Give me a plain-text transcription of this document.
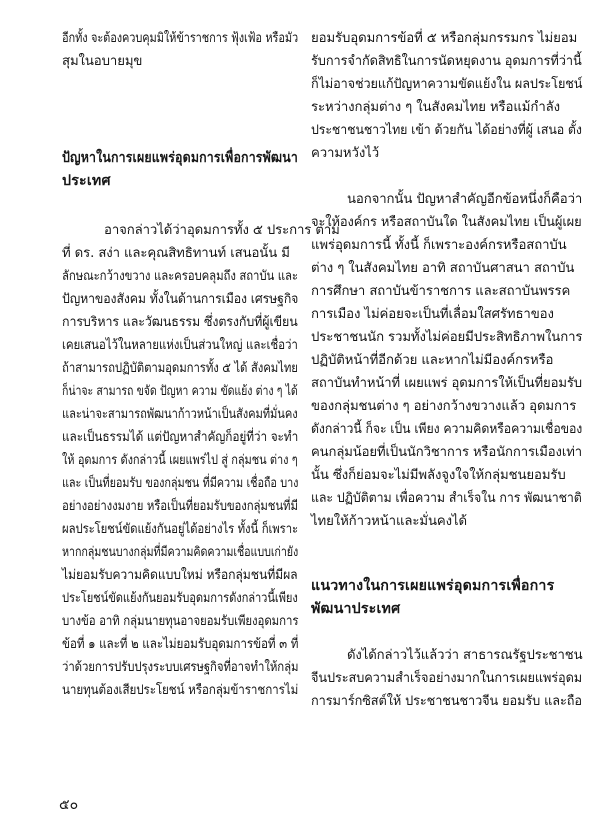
อีกทั้ง จะต้องควบคุมมิให้ข้าราชการ ฟุ้งเฟ้อ หรือมัว
สุมในอบายมุข
ปัญหาในการเผยแพร่อุดมการเพื่อการพัฒนา
ประเทศ
อาจกล่าวได้ว่าอุดมการทั้ง ๕ ประการ ตาม
ที่ ดร. สง่า และคุณสิทธิทานท์ เสนอนั้น มี
ลักษณะกว้างขวาง และครอบคลุมถึง สถาบัน และ
ปัญหาของสังคม ทั้งในด้านการเมือง เศรษฐกิจ
การบริหาร และวัฒนธรรม ซึ่งตรงกับที่ผู้เขียน
เคยเสนอไว้ในหลายแห่งเป็นส่วนใหญ่ และเชื่อว่า
ถ้าสามารถปฏิบัติตามอุดมการทั้ง ๕ ได้ สังคมไทย
ก็น่าจะ สามารถ ขจัด ปัญหา ความ ขัดแย้ง ต่าง ๆ ได้
และน่าจะสามารถพัฒนาก้าวหน้าเป็นสังคมที่มั่นคง
และเป็นธรรมได้ แต่ปัญหาสำคัญก็อยู่ที่ว่า จะทำ
ให้ อุดมการ ดังกล่าวนี้ เผยแพร่ไป สู่ กลุ่มชน ต่าง ๆ
และ เป็นที่ยอมรับ ของกลุ่มชน ที่มีความ เชื่อถือ บาง
อย่างอย่างงมงาย หรือเป็นที่ยอมรับของกลุ่มชนที่มี
ผลประโยชน์ขัดแย้งกันอยู่ได้อย่างไร ทั้งนี้ ก็เพราะ
หากกลุ่มชนบางกลุ่มที่มีความคิดความเชื่อแบบเก่ายัง
ไม่ยอมรับความคิดแบบใหม่ หรือกลุ่มชนที่มีผล
ประโยชน์ขัดแย้งกันยอมรับอุดมการดังกล่าวนี้เพียง
บางข้อ อาทิ กลุ่มนายทุนอาจยอมรับเพียงอุดมการ
ข้อที่ ๑ และที่ ๒ และไม่ยอมรับอุดมการข้อที่ ๓ ที่
ว่าด้วยการปรับปรุงระบบเศรษฐกิจที่อาจทำให้กลุ่ม
นายทุนต้องเสียประโยชน์ หรือกลุ่มข้าราชการไม่
๕๐
ยอมรับอุดมการข้อที่ ๕ หรือกลุ่มกรรมกร ไม่ยอม
รับการจำกัดสิทธิในการนัดหยุดงาน อุดมการที่ว่านี้
ก็ไม่อาจช่วยแก้ปัญหาความขัดแย้งใน ผลประโยชน์
ระหว่างกลุ่มต่าง ๆ ในสังคมไทย หรือแม้กำลัง
ประชาชนชาวไทย เข้า ด้วยกัน ได้อย่างที่ผู้ เสนอ ตั้ง
ความหวังไว้
นอกจากนั้น ปัญหาสำคัญอีกข้อหนึ่งก็คือว่า
จะให้องค์กร หรือสถาบันใด ในสังคมไทย เป็นผู้เผย
แพร่อุดมการนี้ ทั้งนี้ ก็เพราะองค์กรหรือสถาบัน
ต่าง ๆ ในสังคมไทย อาทิ สถาบันศาสนา สถาบัน
การศึกษา สถาบันข้าราชการ และสถาบันพรรค
การเมือง ไม่ค่อยจะเป็นที่เลื่อมใสศรัทธาของ
ประชาชนนัก รวมทั้งไม่ค่อยมีประสิทธิภาพในการ
ปฏิบัติหน้าที่อีกด้วย และหากไม่มีองค์กรหรือ
สถาบันทำหน้าที่ เผยแพร่ อุดมการให้เป็นที่ยอมรับ
ของกลุ่มชนต่าง ๆ อย่างกว้างขวางแล้ว อุดมการ
ดังกล่าวนี้ ก็จะ เป็น เพียง ความคิดหรือความเชื่อของ
คนกลุ่มน้อยที่เป็นนักวิชาการ หรือนักการเมืองเท่า
นั้น ซึ่งก็ย่อมจะไม่มีพลังจูงใจให้กลุ่มชนยอมรับ
และ ปฏิบัติตาม เพื่อความ สำเร็จใน การ พัฒนาชาติ
ไทยให้ก้าวหน้าและมั่นคงได้
แนวทางในการเผยแพร่อุดมการเพื่อการ
พัฒนาประเทศ
ดังได้กล่าวไว้แล้วว่า สาธารณรัฐประชาชน
จีนประสบความสำเร็จอย่างมากในการเผยแพร่อุดม
การมาร์กซิสต์ให้ ประชาชนชาวจีน ยอมรับ และถือ
